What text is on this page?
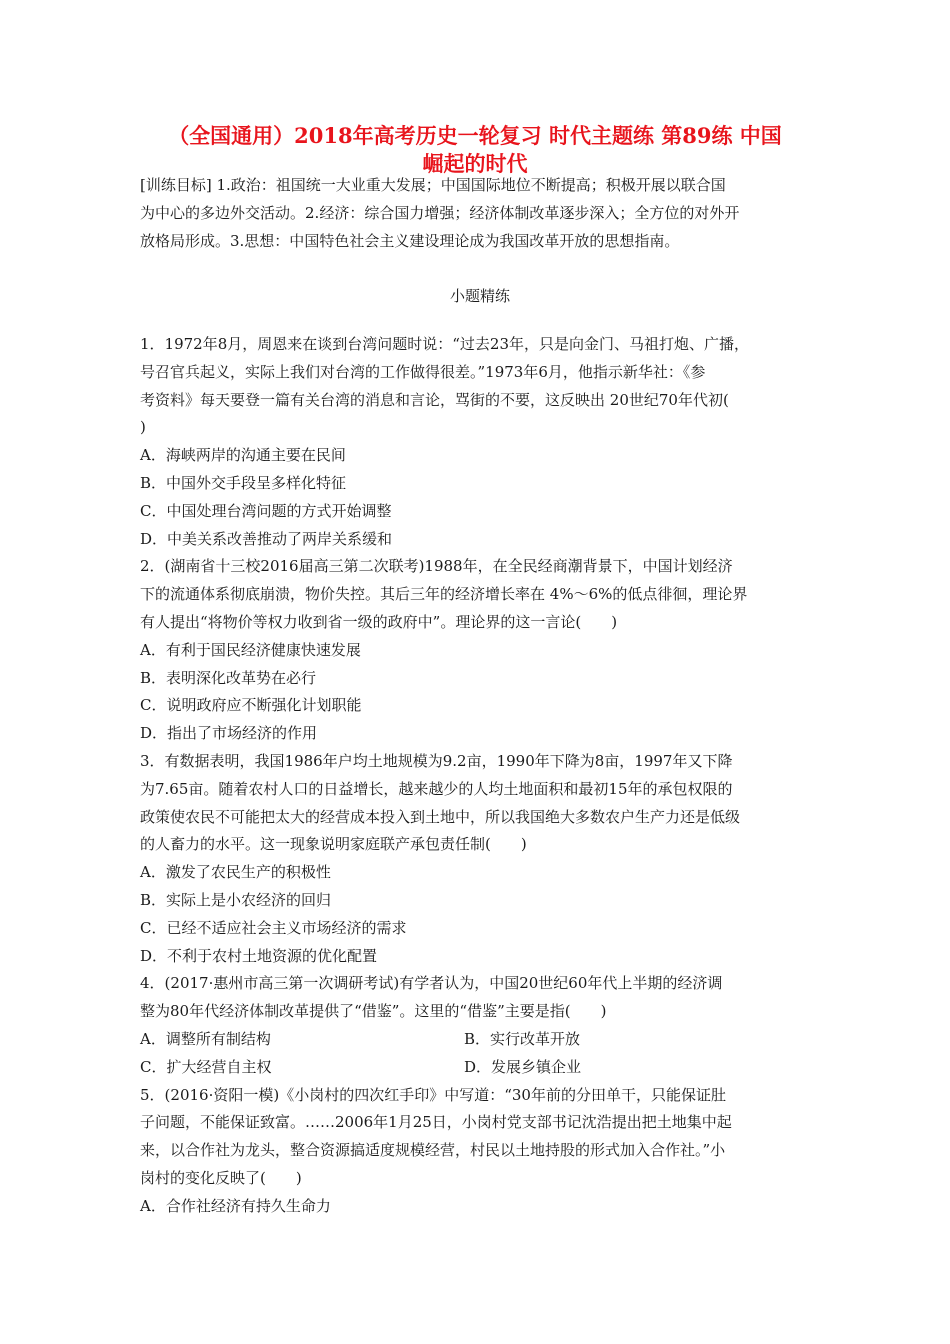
（全国通用）2018年高考历史一轮复习 时代主题练 第89练 中国
崛起的时代
[训练目标] 1.政治：祖国统一大业重大发展；中国国际地位不断提高；积极开展以联合国
为中心的多边外交活动。2.经济：综合国力增强；经济体制改革逐步深入；全方位的对外开
放格局形成。3.思想：中国特色社会主义建设理论成为我国改革开放的思想指南。
小题精练
1．1972年8月，周恩来在谈到台湾问题时说：“过去23年，只是向金门、马祖打炮、广播，
号召官兵起义，实际上我们对台湾的工作做得很差。”1973年6月，他指示新华社：《参
考资料》每天要登一篇有关台湾的消息和言论，骂街的不要，这反映出 20世纪70年代初(
)
A．海峡两岸的沟通主要在民间
B．中国外交手段呈多样化特征
C．中国处理台湾问题的方式开始调整
D．中美关系改善推动了两岸关系缓和
2．(湖南省十三校2016届高三第二次联考)1988年，在全民经商潮背景下，中国计划经济
下的流通体系彻底崩溃，物价失控。其后三年的经济增长率在 4%～6%的低点徘徊，理论界
有人提出“将物价等权力收到省一级的政府中”。理论界的这一言论(　　)
A．有利于国民经济健康快速发展
B．表明深化改革势在必行
C．说明政府应不断强化计划职能
D．指出了市场经济的作用
3．有数据表明，我国1986年户均土地规模为9.2亩，1990年下降为8亩，1997年又下降
为7.65亩。随着农村人口的日益增长，越来越少的人均土地面积和最初15年的承包权限的
政策使农民不可能把太大的经营成本投入到土地中，所以我国绝大多数农户生产力还是低级
的人畜力的水平。这一现象说明家庭联产承包责任制(　　)
A．激发了农民生产的积极性
B．实际上是小农经济的回归
C．已经不适应社会主义市场经济的需求
D．不利于农村土地资源的优化配置
4．(2017·惠州市高三第一次调研考试)有学者认为，中国20世纪60年代上半期的经济调
整为80年代经济体制改革提供了“借鉴”。这里的“借鉴”主要是指(　　)
A．调整所有制结构	B．实行改革开放
C．扩大经营自主权	D．发展乡镇企业
5．(2016·资阳一模)《小岗村的四次红手印》中写道：“30年前的分田单干，只能保证肚
子问题，不能保证致富。……2006年1月25日，小岗村党支部书记沈浩提出把土地集中起
来，以合作社为龙头，整合资源搞适度规模经营，村民以土地持股的形式加入合作社。”小
岗村的变化反映了(　　)
A．合作社经济有持久生命力
